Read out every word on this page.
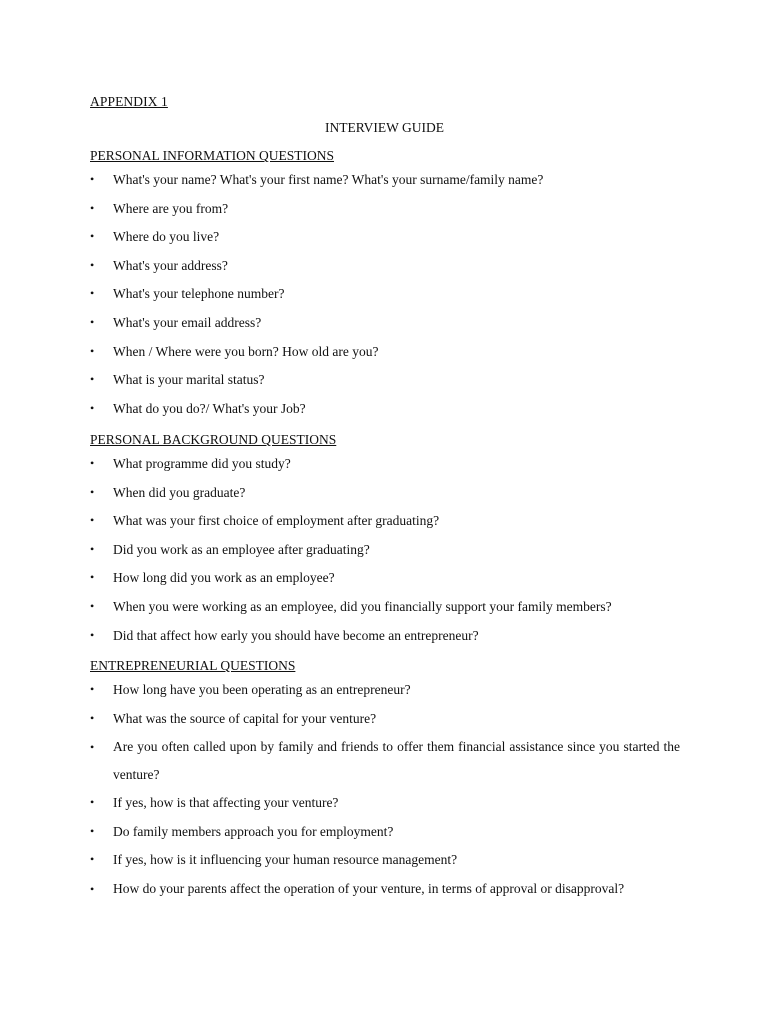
APPENDIX 1
INTERVIEW GUIDE
PERSONAL INFORMATION QUESTIONS
• What's your name? What's your first name? What's your surname/family name?
• Where are you from?
• Where do you live?
• What's your address?
• What's your telephone number?
• What's your email address?
• When / Where were you born? How old are you?
• What is your marital status?
• What do you do?/ What's your Job?
PERSONAL BACKGROUND QUESTIONS
• What programme did you study?
• When did you graduate?
• What was your first choice of employment after graduating?
• Did you work as an employee after graduating?
• How long did you work as an employee?
• When you were working as an employee, did you financially support your family members?
• Did that affect how early you should have become an entrepreneur?
ENTREPRENEURIAL QUESTIONS
• How long have you been operating as an entrepreneur?
• What was the source of capital for your venture?
• Are you often called upon by family and friends to offer them financial assistance since you started the venture?
• If yes, how is that affecting your venture?
• Do family members approach you for employment?
• If yes, how is it influencing your human resource management?
• How do your parents affect the operation of your venture, in terms of approval or disapproval?
